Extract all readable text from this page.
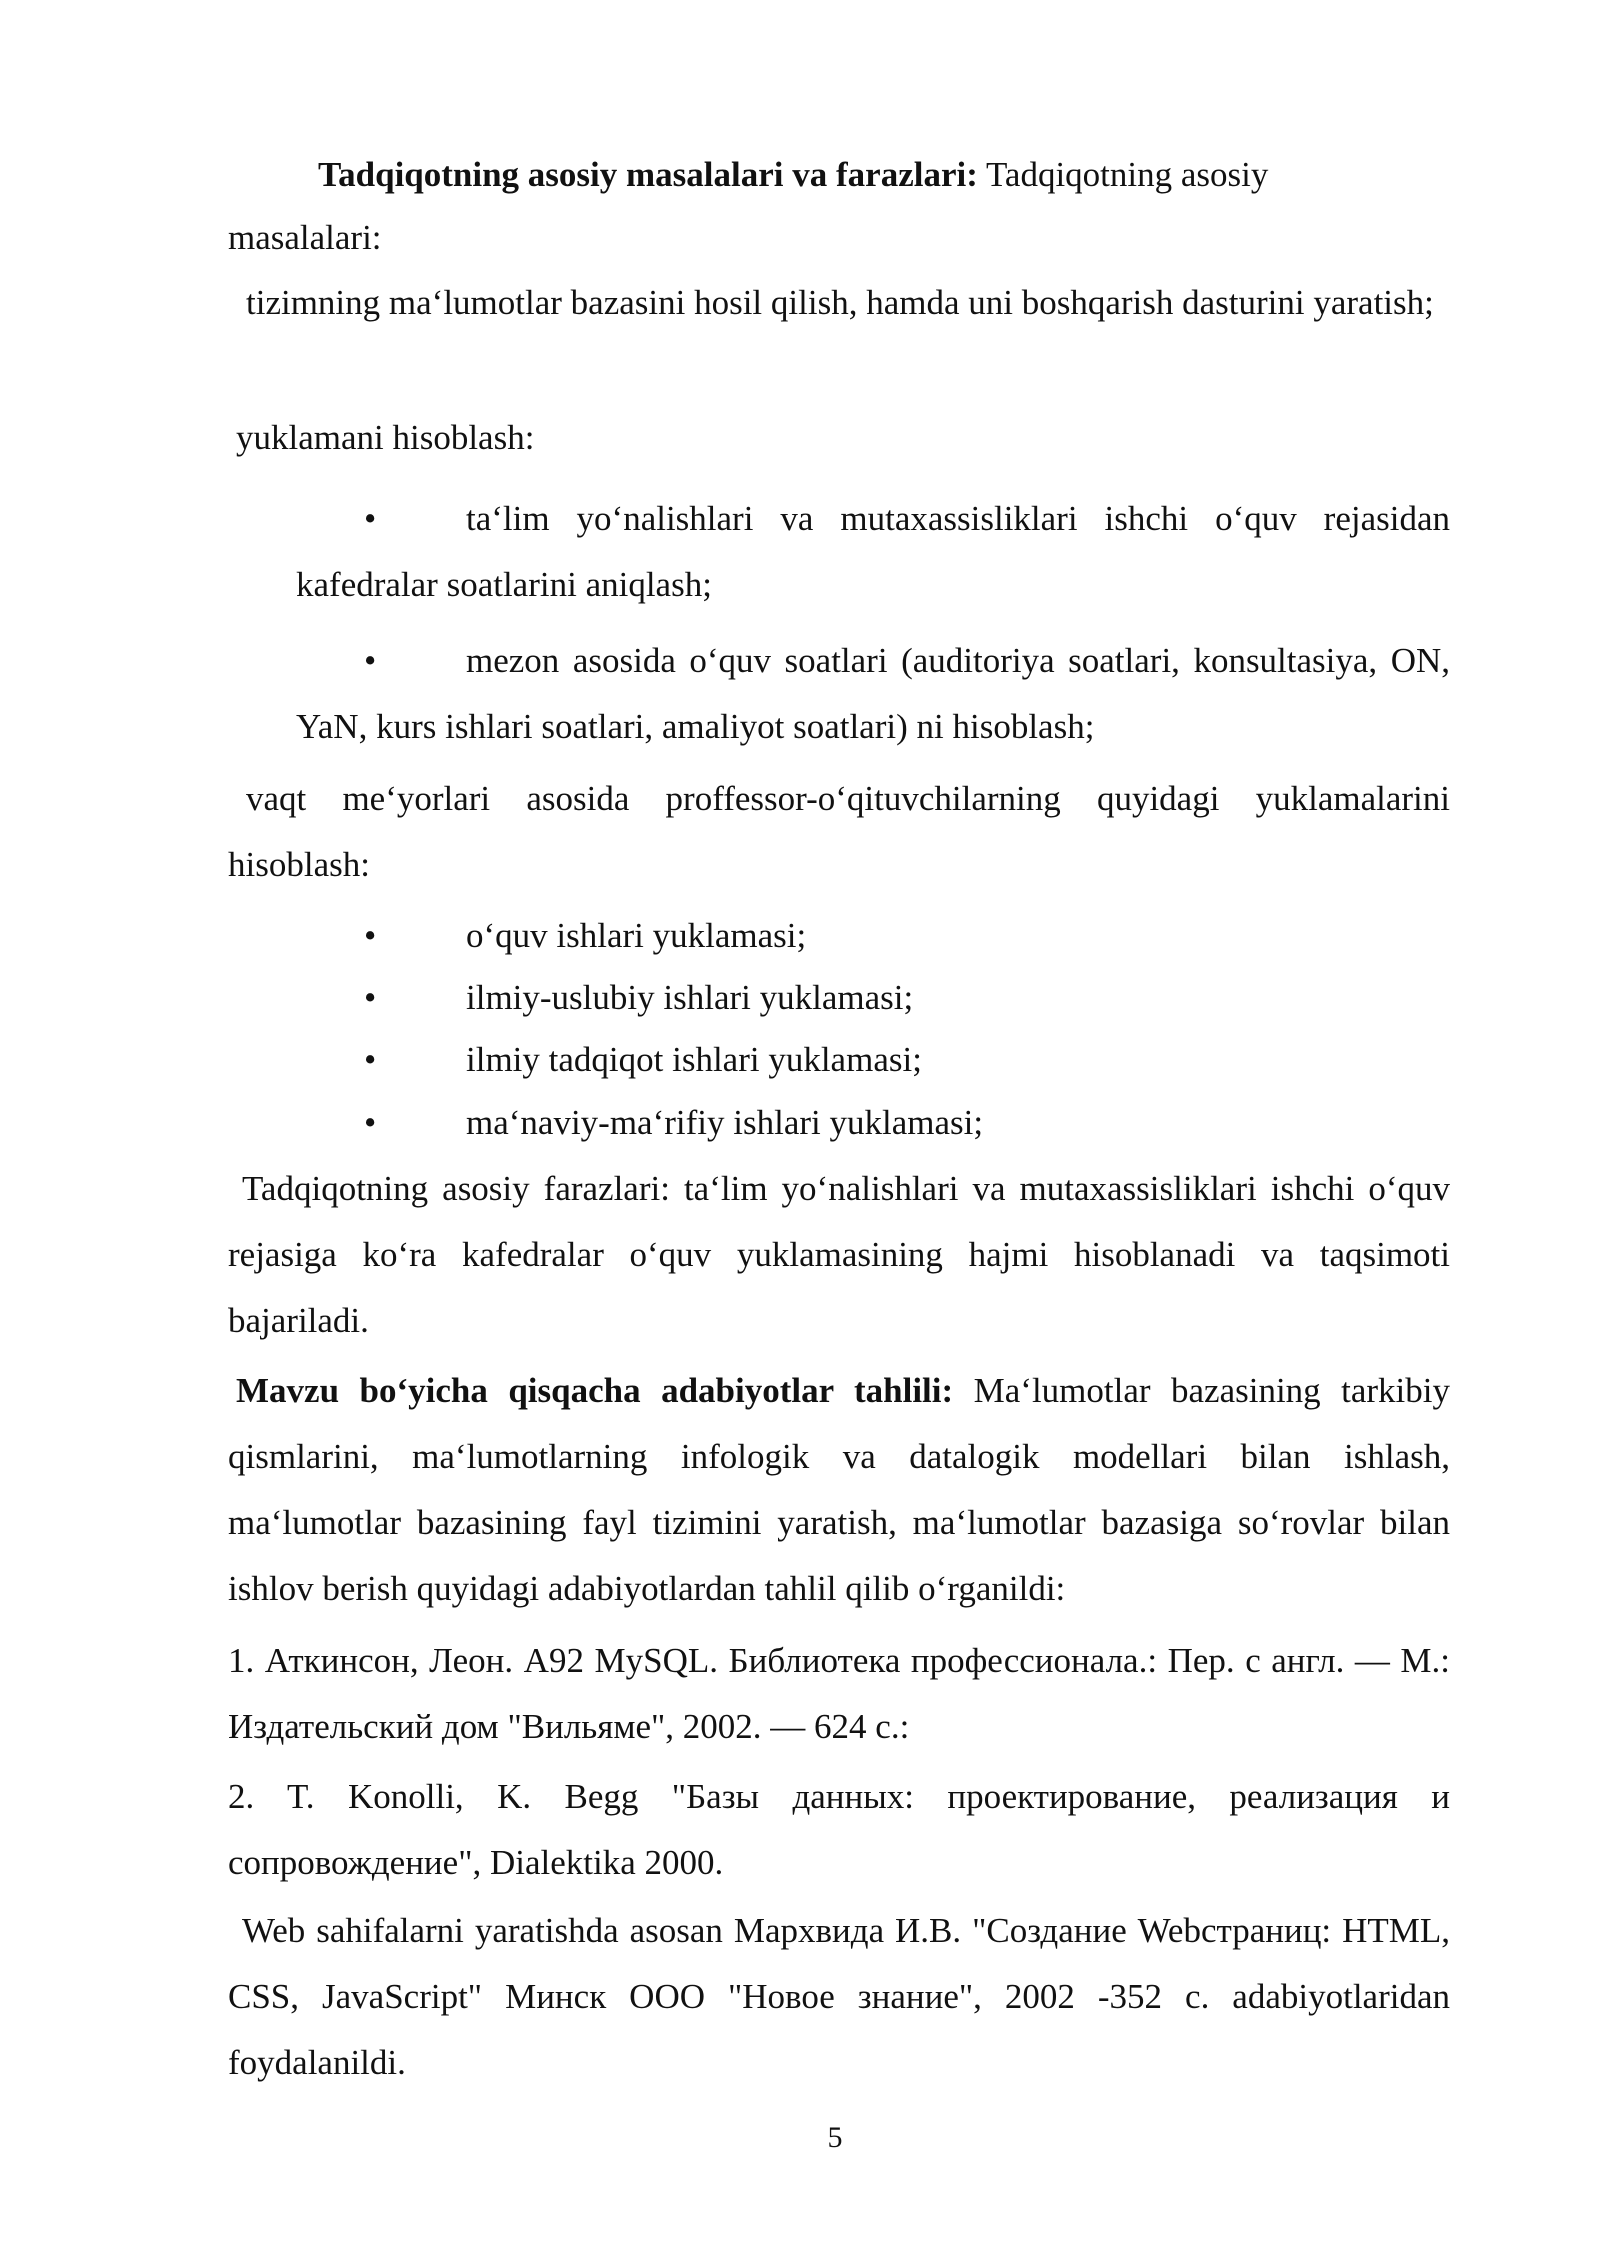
Tadqiqotning asosiy masalalari va farazlari: Tadqiqotning asosiy
masalalari:

tizimning ma‘lumotlar bazasini hosil qilish, hamda uni boshqarish dasturini yaratish;

yuklamani hisoblash:

ta‘lim yo‘nalishlari va mutaxassisliklari ishchi o‘quv rejasidan kafedralar soatlarini aniqlash;

•

mezon asosida o‘quv soatlari (auditoriya soatlari, konsultasiya, ON, YaN, kurs ishlari soatlari, amaliyot soatlari) ni hisoblash;

•

vaqt me‘yorlari asosida proffessor-o‘qituvchilarning quyidagi yuklamalarini hisoblash:

•	o‘quv ishlari yuklamasi;
•	ilmiy-uslubiy ishlari yuklamasi;
•	ilmiy tadqiqot ishlari yuklamasi;
•	ma‘naviy-ma‘rifiy ishlari yuklamasi;

Tadqiqotning asosiy farazlari: ta‘lim yo‘nalishlari va mutaxassisliklari ishchi o‘quv rejasiga ko‘ra kafedralar o‘quv yuklamasining hajmi hisoblanadi va taqsimoti bajariladi.

Mavzu bo‘yicha qisqacha adabiyotlar tahlili: Ma‘lumotlar bazasining tarkibiy qismlarini, ma‘lumotlarning infologik va datalogik modellari bilan ishlash, ma‘lumotlar bazasining fayl tizimini yaratish, ma‘lumotlar bazasiga so‘rovlar bilan ishlov berish quyidagi adabiyotlardan tahlil qilib o‘rganildi:

1. Аткинсон, Леон. A92 MySQL. Библиотека профессионала.: Пер. с англ. — М.: Издательский дом "Вильяме", 2002. — 624 с.:

2. T. Konolli, K. Begg "Базы данных: проектирование, реализация и сопровождение", Dialektika 2000.

Web sahifalarni yaratishda asosan Мархвида И.В. "Создание Webстраниц: HTML, CSS, JavaScript" Минск ООО "Новое знание", 2002 -352 с. adabiyotlaridan foydalanildi.

5
